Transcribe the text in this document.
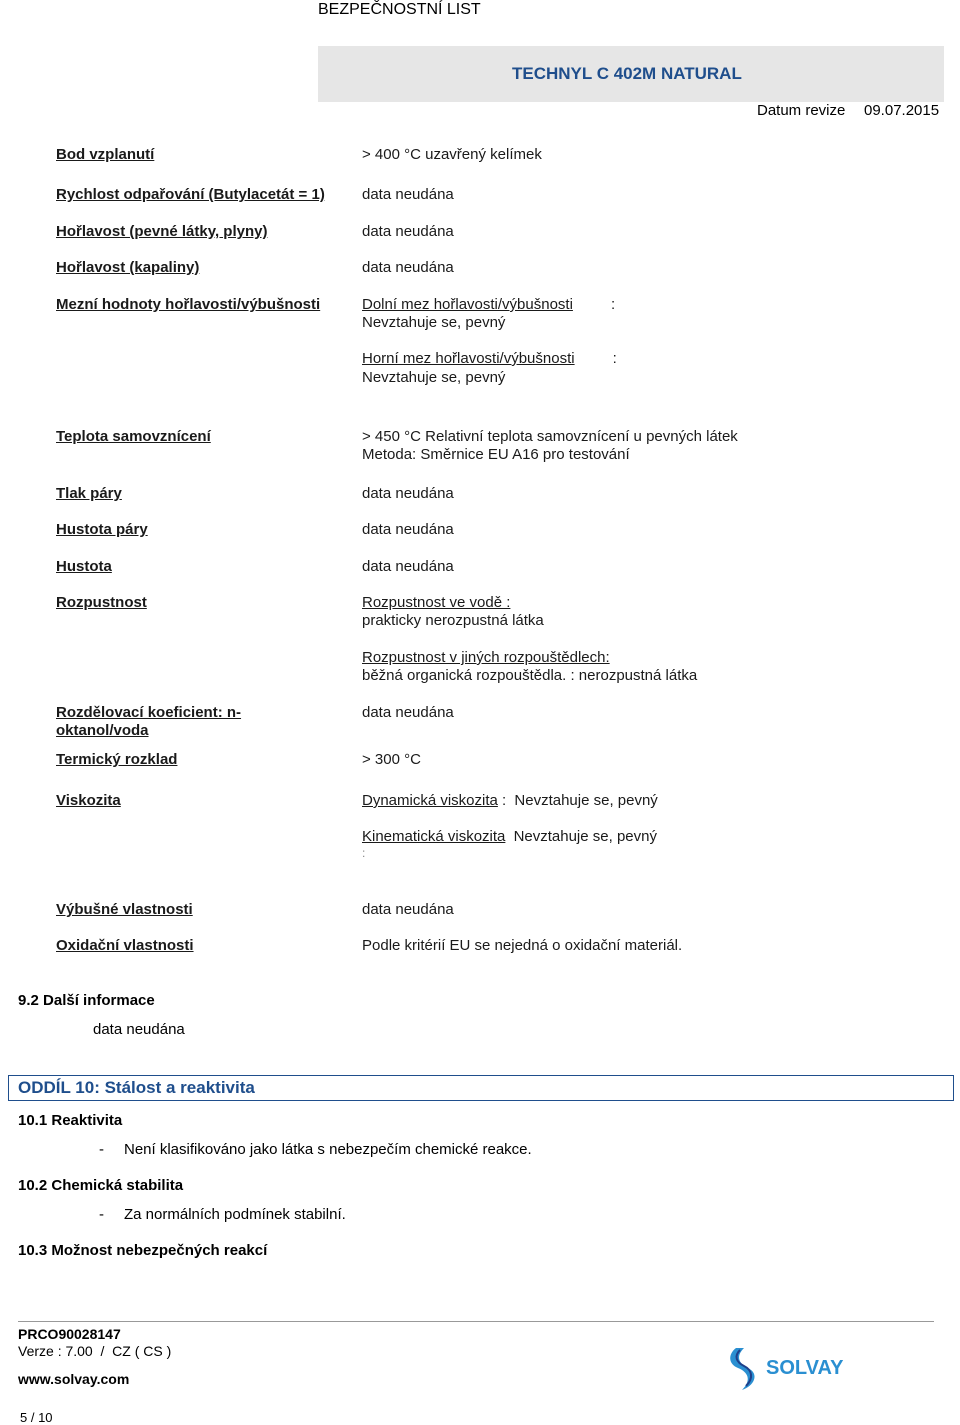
BEZPEČNOSTNÍ LIST
TECHNYL C 402M NATURAL
Datum revize 09.07.2015
Bod vzplanutí	> 400 °C uzavřený kelímek
Rychlost odpařování (Butylacetát = 1) data neudána
Hořlavost (pevné látky, plyny)	data neudána
Hořlavost (kapaliny)	data neudána
Mezní hodnoty hořlavosti/výbušnosti	Dolní mez hořlavosti/výbušnosti	:
Nevztahuje se, pevný
Horní mez hořlavosti/výbušnosti	:
Nevztahuje se, pevný
Teplota samovznícení	> 450 °C Relativní teplota samovznícení u pevných látek
Metoda: Směrnice EU A16 pro testování
Tlak páry	data neudána
Hustota páry	data neudána
Hustota	data neudána
Rozpustnost	Rozpustnost ve vodě :
prakticky nerozpustná látka
Rozpustnost v jiných rozpouštědlech:
běžná organická rozpouštědla. : nerozpustná látka
Rozdělovací koeficient: n-
oktanol/voda
data neudána
Termický rozklad	> 300 °C
Viskozita	Dynamická viskozita : Nevztahuje se, pevný
Kinematická viskozita Nevztahuje se, pevný
:
Výbušné vlastnosti	data neudána
Oxidační vlastnosti	Podle kritérií EU se nejedná o oxidační materiál.
9.2 Další informace
data neudána
ODDÍL 10: Stálost a reaktivita
10.1 Reaktivita
- Není klasifikováno jako látka s nebezpečím chemické reakce.
10.2 Chemická stabilita
- Za normálních podmínek stabilní.
10.3 Možnost nebezpečných reakcí
PRCO90028147
Verze : 7.00  /  CZ ( CS )
www.solvay.com
5 / 10
SOLVAY
